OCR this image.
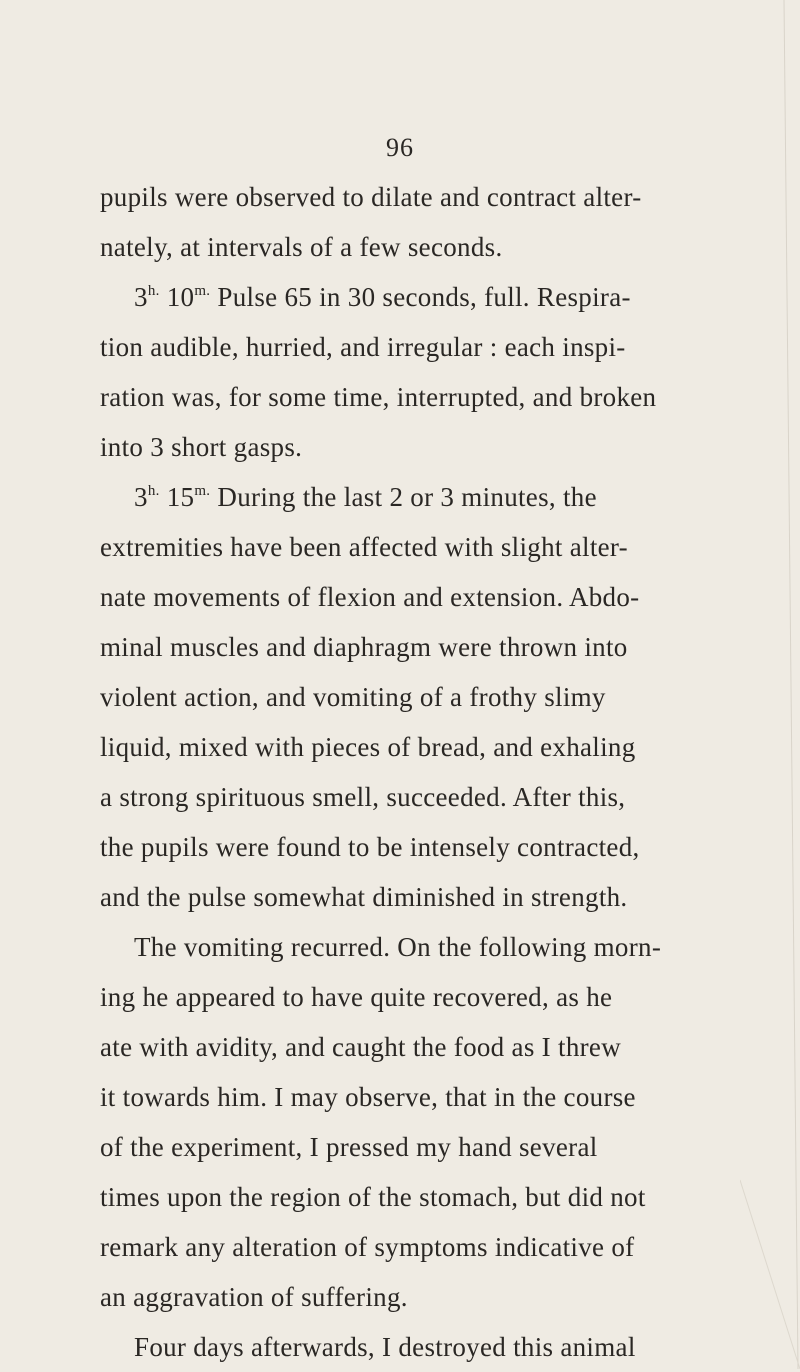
96
pupils were observed to dilate and contract alter-
nately, at intervals of a few seconds.
$3^{h.}$ $10^{m.}$ Pulse 65 in 30 seconds, full. Respira-
tion audible, hurried, and irregular : each inspi-
ration was, for some time, interrupted, and broken
into 3 short gasps.
$3^{h.}$ $15^{m.}$ During the last 2 or 3 minutes, the
extremities have been affected with slight alter-
nate movements of flexion and extension. Abdo-
minal muscles and diaphragm were thrown into
violent action, and vomiting of a frothy slimy
liquid, mixed with pieces of bread, and exhaling
a strong spirituous smell, succeeded. After this,
the pupils were found to be intensely contracted,
and the pulse somewhat diminished in strength.
The vomiting recurred. On the following morn-
ing he appeared to have quite recovered, as he
ate with avidity, and caught the food as I threw
it towards him. I may observe, that in the course
of the experiment, I pressed my hand several
times upon the region of the stomach, but did not
remark any alteration of symptoms indicative of
an aggravation of suffering.
Four days afterwards, I destroyed this animal
